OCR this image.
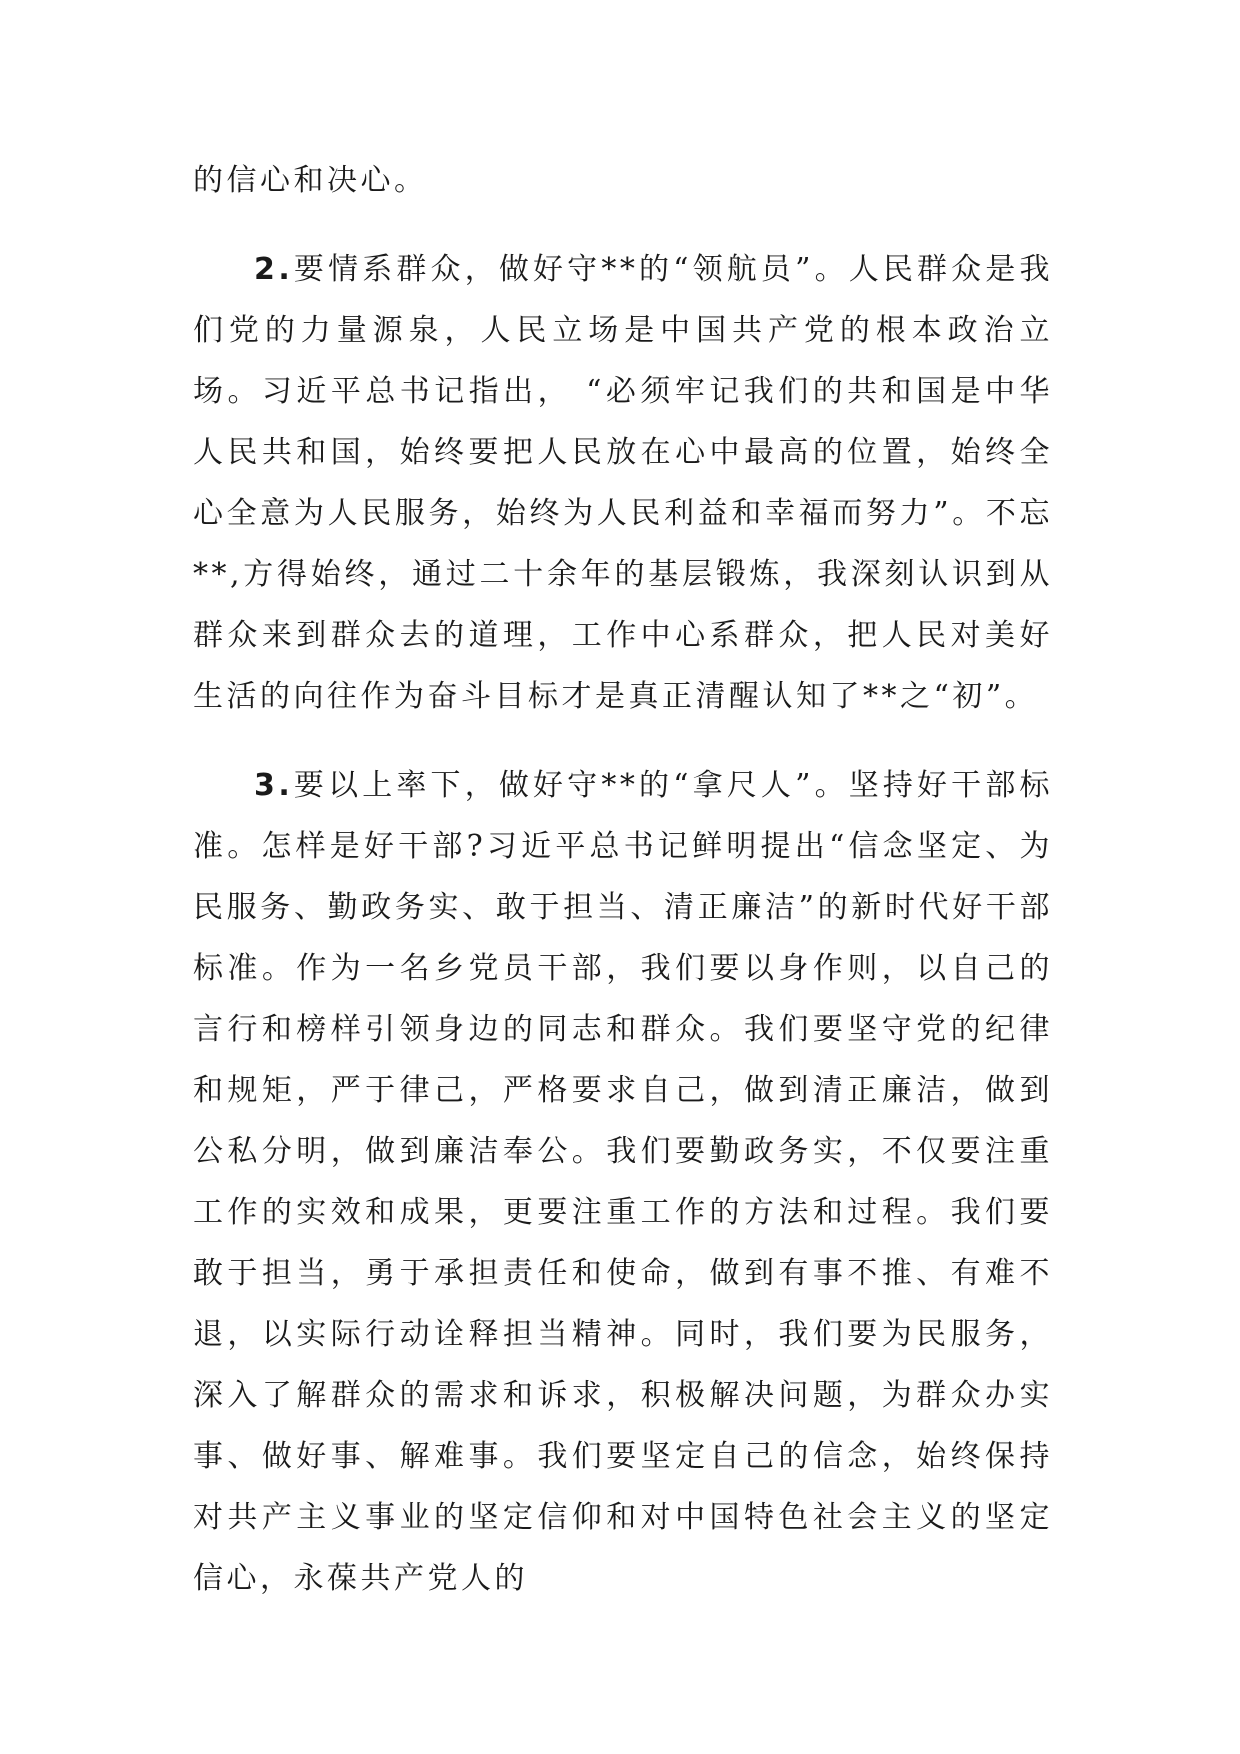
的信心和决心。

2.要情系群众，做好守**的“领航员”。人民群众是我们党的力量源泉，人民立场是中国共产党的根本政治立场。习近平总书记指出， “必须牢记我们的共和国是中华人民共和国，始终要把人民放在心中最高的位置，始终全心全意为人民服务，始终为人民利益和幸福而努力”。不忘**,方得始终，通过二十余年的基层锻炼，我深刻认识到从群众来到群众去的道理，工作中心系群众，把人民对美好生活的向往作为奋斗目标才是真正清醒认知了**之“初”。

3.要以上率下，做好守**的“拿尺人”。坚持好干部标准。怎样是好干部?习近平总书记鲜明提出“信念坚定、为民服务、勤政务实、敢于担当、清正廉洁”的新时代好干部标准。作为一名乡党员干部，我们要以身作则，以自己的言行和榜样引领身边的同志和群众。我们要坚守党的纪律和规矩，严于律己，严格要求自己，做到清正廉洁，做到公私分明，做到廉洁奉公。我们要勤政务实，不仅要注重工作的实效和成果，更要注重工作的方法和过程。我们要敢于担当，勇于承担责任和使命，做到有事不推、有难不退，以实际行动诠释担当精神。同时，我们要为民服务，深入了解群众的需求和诉求，积极解决问题，为群众办实事、做好事、解难事。我们要坚定自己的信念，始终保持对共产主义事业的坚定信仰和对中国特色社会主义的坚定信心，永葆共产党人的
